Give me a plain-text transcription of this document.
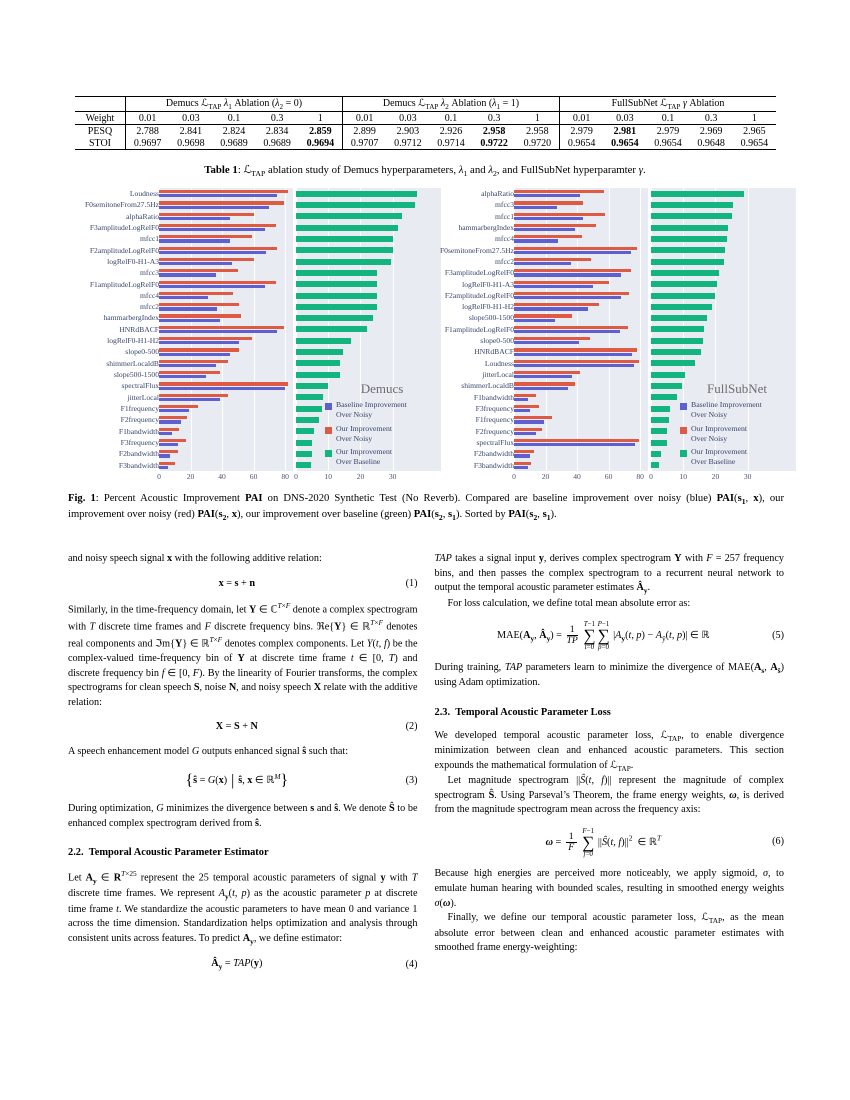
	Demucs ℒ$_{TAP}$ $\lambda_1$ Ablation $(\lambda_2 = 0)$					Demucs ℒ$_{TAP}$ $\lambda_2$ Ablation $(\lambda_1 = 1)$					FullSubNet ℒ$_{TAP}$ γ Ablation				
Weight	0.01	0.03	0.1	0.3	1	0.01	0.03	0.1	0.3	1	0.01	0.03	0.1	0.3	1
PESQ	2.788	2.841	2.824	2.834	2.859	2.899	2.903	2.926	2.958	2.958	2.979	2.981	2.979	2.969	2.965
STOI	0.9697	0.9698	0.9689	0.9689	0.9694	0.9707	0.9712	0.9714	0.9722	0.9720	0.9654	0.9654	0.9654	0.9648	0.9654
Table 1: ℒ$_{TAP}$ ablation study of Demucs hyperparameters, $\lambda_1$ and $\lambda_2$, and FullSubNet hyperparamter γ.
Loudness
F0semitoneFrom27.5Hz
alphaRatio
F3amplitudeLogRelF0
mfcc1
F2amplitudeLogRelF0
logRelF0-H1-A3
mfcc3
F1amplitudeLogRelF0
mfcc4
mfcc2
hammarbergIndex
HNRdBACF
logRelF0-H1-H2
slope0-500
shimmerLocaldB
slope500-1500
spectralFlux
jitterLocal
F1frequency
F2frequency
F1bandwidth
F3frequency
F2bandwidth
F3bandwidth
0	20	40	60	80 0	10	20	30
Demucs
Baseline Improvement
Over Noisy
Our Improvement
Over Noisy
Our Improvement
Over Baseline
alphaRatio
mfcc3
mfcc1
hammarbergIndex
mfcc4
F0semitoneFrom27.5Hz
mfcc2
F3amplitudeLogRelF0
logRelF0-H1-A3
F2amplitudeLogRelF0
logRelF0-H1-H2
slope500-1500
F1amplitudeLogRelF0
slope0-500
HNRdBACF
Loudness
jitterLocal
shimmerLocaldB
F1bandwidth
F3frequency
F1frequency
F2frequency
spectralFlux
F2bandwidth
F3bandwidth
0	20	40	60	80 0	10	20	30
FullSubNet
Baseline Improvement
Over Noisy
Our Improvement
Over Noisy
Our Improvement
Over Baseline
Fig. 1: Percent Acoustic Improvement PAI on DNS-2020 Synthetic Test (No Reverb). Compared are baseline improvement over noisy (blue) $PAI(s_1$, x), our improvement over noisy (red) $PAI(s_2$, x), our improvement over baseline (green) $PAI(s_2$, $s_1$). Sorted by $PAI(s_2$, $s_1$).
and noisy speech signal x with the following additive relation:
x = s + n	(1)
Similarly, in the time-frequency domain, let Y ∈ ℂ$^{T\times F}$ denote a complex spectrogram with T discrete time frames and F discrete frequency bins. ℜe{Y} ∈ ℝ$^{T\times F}$ denotes real components and ℑm{Y} ∈ ℝ$^{T\times F}$ denotes complex components. Let Y(t, f) be the complex-valued time-frequency bin of Y at discrete time frame t ∈ [0, T) and discrete frequency bin f ∈ [0, F). By the linearity of Fourier transforms, the complex spectrograms for clean speech S, noise N, and noisy speech X relate with the additive relation:
X = S + N	(2)
A speech enhancement model G outputs enhanced signal ŝ such that:
{ŝ = G(x) | ŝ, x ∈ ℝ$^M$}	(3)
During optimization, G minimizes the divergence between s and ŝ. We denote Ŝ to be enhanced complex spectrogram derived from ŝ.
2.2.  Temporal Acoustic Parameter Estimator
Let $A_y$ ∈ $R^{T\times 25}$ represent the 25 temporal acoustic parameters of signal y with T discrete time frames. We represent $A_y(t$, p) as the acoustic parameter p at discrete time frame t. We standardize the acoustic parameters to have mean 0 and variance 1 across the time dimension. Standardization helps optimization and analysis through consistent units across features. To predict $A_y$, we define estimator:
$Â_y = TAP(y)$	(4)
TAP takes a signal input y, derives complex spectrogram Y with F = 257 frequency bins, and then passes the complex spectrogram to a recurrent neural network to output the temporal acoustic parameter estimates $Â_y$.
For loss calculation, we define total mean absolute error as:
$MAE(A_y$, $Â_y) = \frac{1}{TP}$

T−1
∑
t=0
P−1
∑
p=0
$|A_y(t$, $p) - A_ŷ(t$, p)| ∈ ℝ	(5)
During training, TAP parameters learn to minimize the divergence of $MAE(A_s$, $A_ŝ$) using Adam optimization.
2.3.  Temporal Acoustic Parameter Loss
We developed temporal acoustic parameter loss, ℒ$_{TAP}$, to enable divergence minimization between clean and enhanced acoustic parameters. This section expounds the mathematical formulation of ℒ$_{TAP}$.
Let magnitude spectrogram ||Ŝ(t, f)|| represent the magnitude of complex spectrogram Ŝ. Using Parseval’s Theorem, the frame energy weights, ω, is derived from the magnitude spectrogram mean across the frequency axis:
$\omega = \frac{1}{F}$

F−1
∑
f=0
||Ŝ(t, $f)||^2$  ∈ ℝ$^T$	(6)
Because high energies are perceived more noticeably, we apply sigmoid, σ, to emulate human hearing with bounded scales, resulting in smoothed energy weights σ(ω).
Finally, we define our temporal acoustic parameter loss, ℒ$_{TAP}$, as the mean absolute error between clean and enhanced acoustic parameter estimates with smoothed frame energy-weighting:
